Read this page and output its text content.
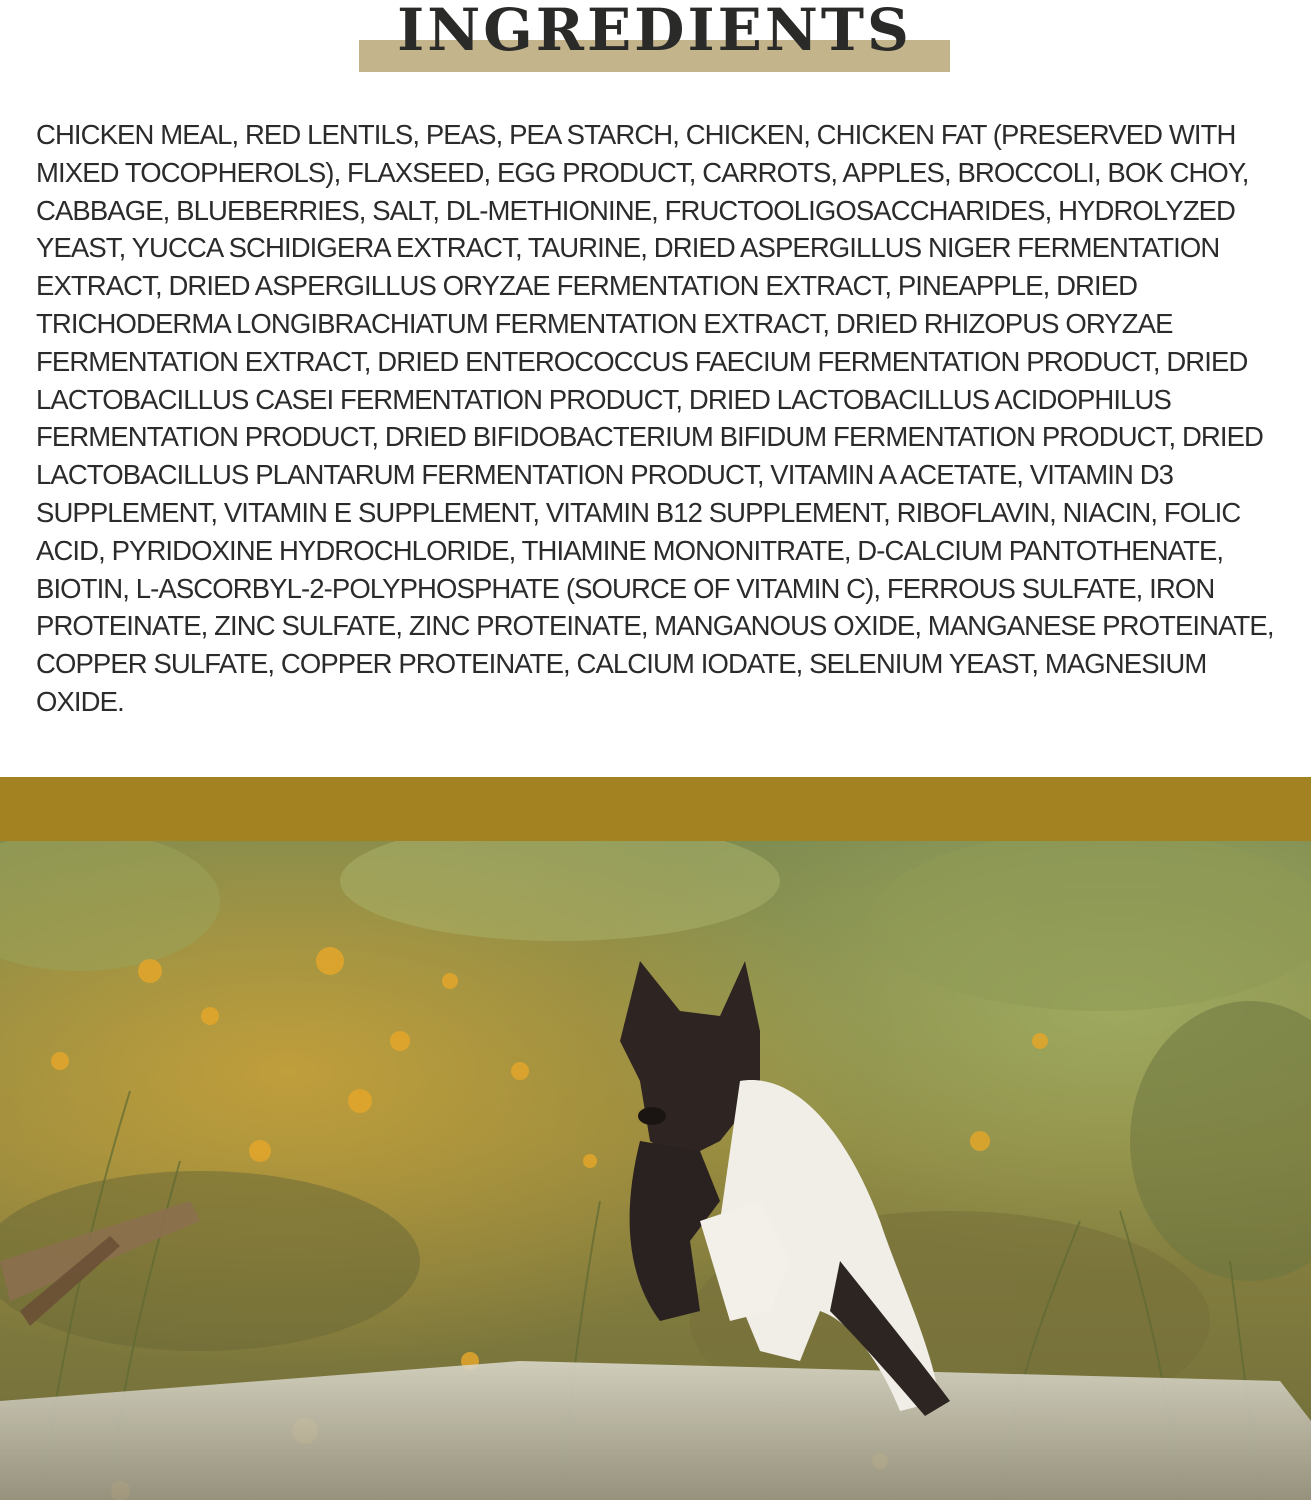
INGREDIENTS

CHICKEN MEAL, RED LENTILS, PEAS, PEA STARCH, CHICKEN, CHICKEN FAT (PRESERVED WITH MIXED TOCOPHEROLS), FLAXSEED, EGG PRODUCT, CARROTS, APPLES, BROCCOLI, BOK CHOY, CABBAGE, BLUEBERRIES, SALT, DL-METHIONINE, FRUCTOOLIGOSACCHARIDES, HYDROLYZED YEAST, YUCCA SCHIDIGERA EXTRACT, TAURINE, DRIED ASPERGILLUS NIGER FERMENTATION EXTRACT, DRIED ASPERGILLUS ORYZAE FERMENTATION EXTRACT, PINEAPPLE, DRIED TRICHODERMA LONGIBRACHIATUM FERMENTATION EXTRACT, DRIED RHIZOPUS ORYZAE FERMENTATION EXTRACT, DRIED ENTEROCOCCUS FAECIUM FERMENTATION PRODUCT, DRIED LACTOBACILLUS CASEI FERMENTATION PRODUCT, DRIED LACTOBACILLUS ACIDOPHILUS FERMENTATION PRODUCT, DRIED BIFIDOBACTERIUM BIFIDUM FERMENTATION PRODUCT, DRIED LACTOBACILLUS PLANTARUM FERMENTATION PRODUCT, VITAMIN A ACETATE, VITAMIN D3 SUPPLEMENT, VITAMIN E SUPPLEMENT, VITAMIN B12 SUPPLEMENT, RIBOFLAVIN, NIACIN, FOLIC ACID, PYRIDOXINE HYDROCHLORIDE, THIAMINE MONONITRATE, D-CALCIUM PANTOTHENATE, BIOTIN, L-ASCORBYL-2-POLYPHOSPHATE (SOURCE OF VITAMIN C), FERROUS SULFATE, IRON PROTEINATE, ZINC SULFATE, ZINC PROTEINATE, MANGANOUS OXIDE, MANGANESE PROTEINATE, COPPER SULFATE, COPPER PROTEINATE, CALCIUM IODATE, SELENIUM YEAST, MAGNESIUM OXIDE.
